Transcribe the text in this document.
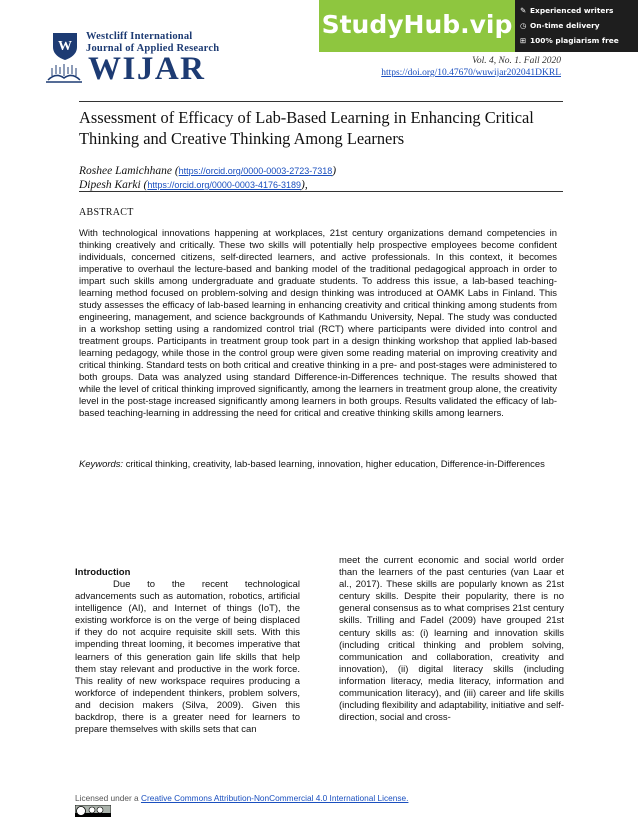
W
Westcliff International
Journal of Applied Research
WIJAR
StudyHub.vip	✎ Experienced writers
◷ On-time delivery
⊞ 100% plagiarism free
Vol. 4, No. 1. Fall 2020
https://doi.org/10.47670/wuwijar202041DKRL
Assessment of Efficacy of Lab-Based Learning in Enhancing Critical Thinking and Creative Thinking Among Learners
Roshee Lamichhane (https://orcid.org/0000-0003-2723-7318)
Dipesh Karki (https://orcid.org/0000-0003-4176-3189),
ABSTRACT
With technological innovations happening at workplaces, 21st century organizations demand competencies in thinking creatively and critically. These two skills will potentially help prospective employees become confident individuals, concerned citizens, self-directed learners, and active professionals. In this context, it becomes imperative to overhaul the lecture-based and banking model of the traditional pedagogical approach in order to impart such skills among undergraduate and graduate students. To address this issue, a lab-based teaching-learning method focused on problem-solving and design thinking was introduced at OAMK Labs in Finland. This study assesses the efficacy of lab-based learning in enhancing creativity and critical thinking among students from engineering, management, and science backgrounds of Kathmandu University, Nepal. The study was conducted in a workshop setting using a randomized control trial (RCT) where participants were divided into control and treatment groups. Participants in treatment group took part in a design thinking workshop that applied lab-based learning pedagogy, while those in the control group were given some reading material on improving creativity and critical thinking. Standard tests on both critical and creative thinking in a pre- and post-stages were administered to both groups. Data was analyzed using standard Difference-in-Differences technique. The results showed that while the level of critical thinking improved significantly, among the learners in treatment group alone, the creativity level in the post-stage increased significantly among learners in both groups. Results validated the efficacy of lab-based teaching-learning in addressing the need for critical and creative thinking skills among learners.
Keywords: critical thinking, creativity, lab-based learning, innovation, higher education, Difference-in-Differences
Introduction
Due to the recent technological advancements such as automation, robotics, artificial intelligence (AI), and Internet of things (IoT), the existing workforce is on the verge of being displaced if they do not acquire requisite skill sets. With this impending threat looming, it becomes imperative that learners of this generation gain life skills that help them stay relevant and productive in the work force. This reality of new workspace requires producing a workforce of independent thinkers, problem solvers, and decision makers (Silva, 2009). Given this backdrop, there is a greater need for learners to prepare themselves with skills sets that can
meet the current economic and social world order than the learners of the past centuries (van Laar et al., 2017). These skills are popularly known as 21st century skills. Despite their popularity, there is no general consensus as to what comprises 21st century skills. Trilling and Fadel (2009) have grouped 21st century skills as: (i) learning and innovation skills (including critical thinking and problem solving, communication and collaboration, creativity and innovation), (ii) digital literacy skills (including information literacy, media literacy, information and communication literacy), and (iii) career and life skills (including flexibility and adaptability, initiative and self-direction, social and cross-
Licensed under a Creative Commons Attribution-NonCommercial 4.0 International License.
